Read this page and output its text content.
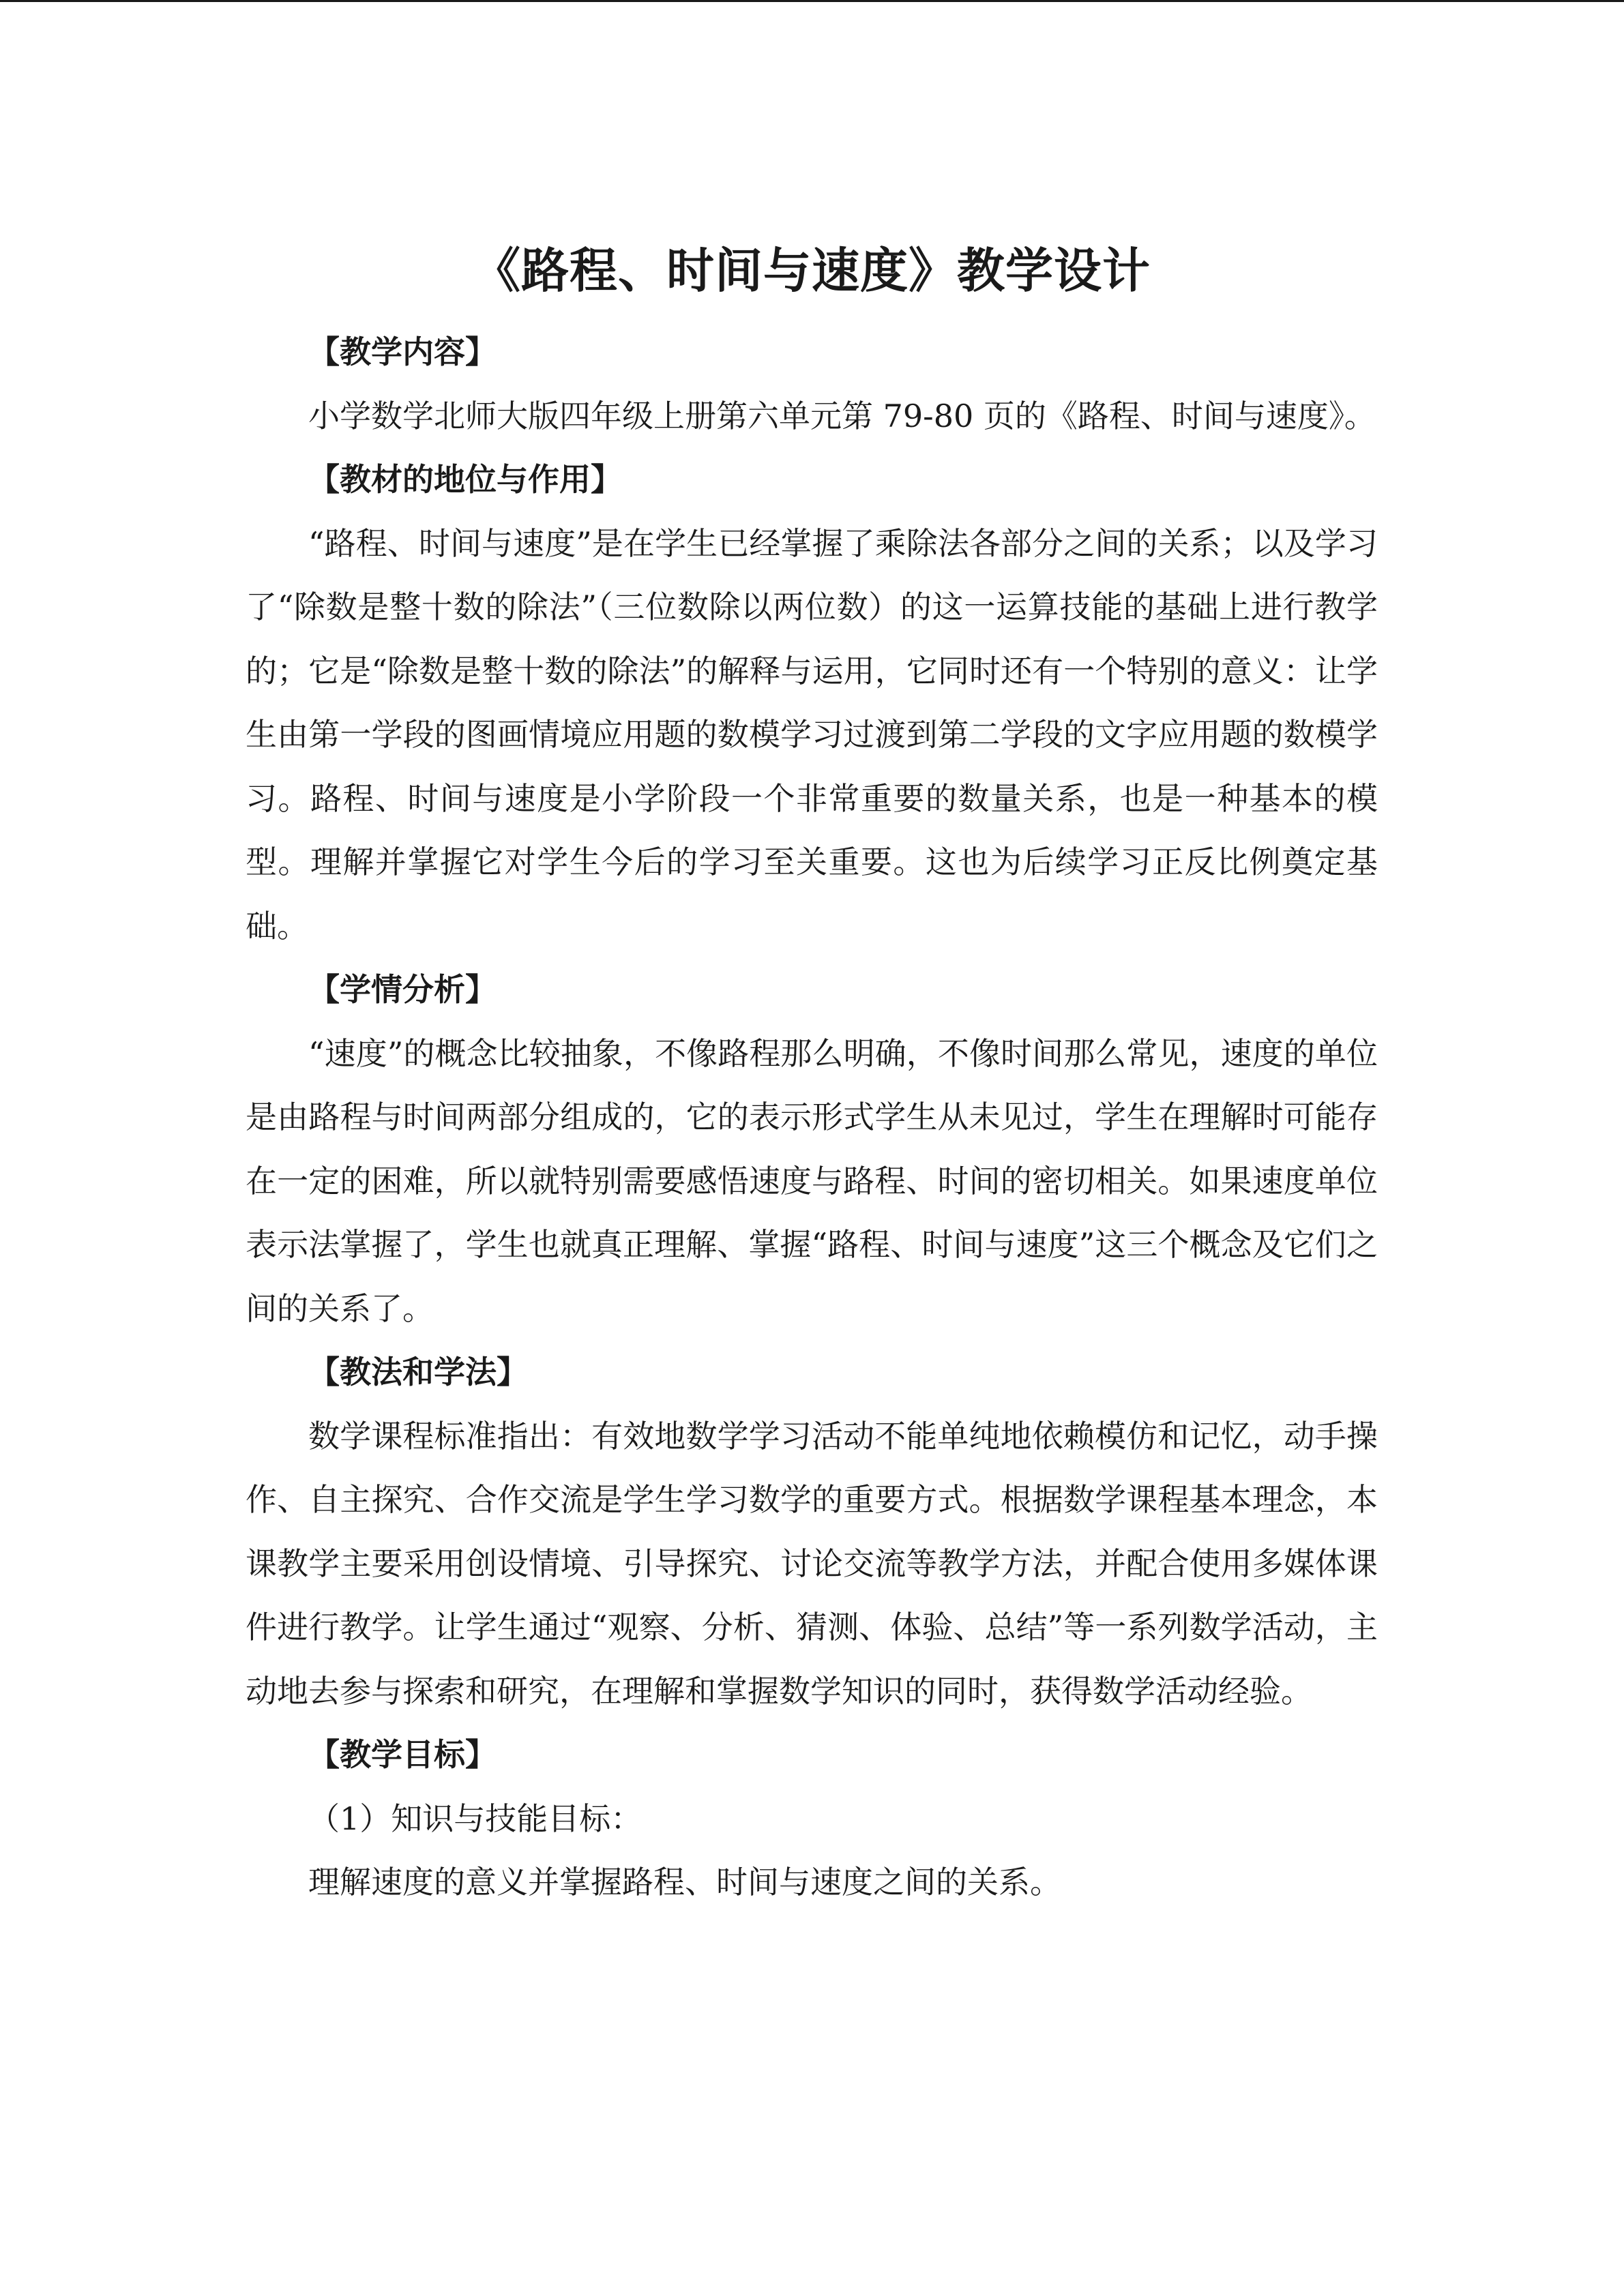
《路程、时间与速度》教学设计

【教学内容】

小学数学北师大版四年级上册第六单元第 79-80 页的《路程、时间与速度》。

【教材的地位与作用】

“路程、时间与速度”是在学生已经掌握了乘除法各部分之间的关系；以及学习了“除数是整十数的除法”（三位数除以两位数）的这一运算技能的基础上进行教学的；它是“除数是整十数的除法”的解释与运用，它同时还有一个特别的意义：让学生由第一学段的图画情境应用题的数模学习过渡到第二学段的文字应用题的数模学习。路程、时间与速度是小学阶段一个非常重要的数量关系，也是一种基本的模型。理解并掌握它对学生今后的学习至关重要。这也为后续学习正反比例奠定基础。

【学情分析】

“速度”的概念比较抽象，不像路程那么明确，不像时间那么常见，速度的单位是由路程与时间两部分组成的，它的表示形式学生从未见过，学生在理解时可能存在一定的困难，所以就特别需要感悟速度与路程、时间的密切相关。如果速度单位表示法掌握了，学生也就真正理解、掌握“路程、时间与速度”这三个概念及它们之间的关系了。

【教法和学法】

数学课程标准指出：有效地数学学习活动不能单纯地依赖模仿和记忆，动手操作、自主探究、合作交流是学生学习数学的重要方式。根据数学课程基本理念，本课教学主要采用创设情境、引导探究、讨论交流等教学方法，并配合使用多媒体课件进行教学。让学生通过“观察、分析、猜测、体验、总结”等一系列数学活动，主动地去参与探索和研究，在理解和掌握数学知识的同时，获得数学活动经验。

【教学目标】

（1）知识与技能目标：

理解速度的意义并掌握路程、时间与速度之间的关系。
